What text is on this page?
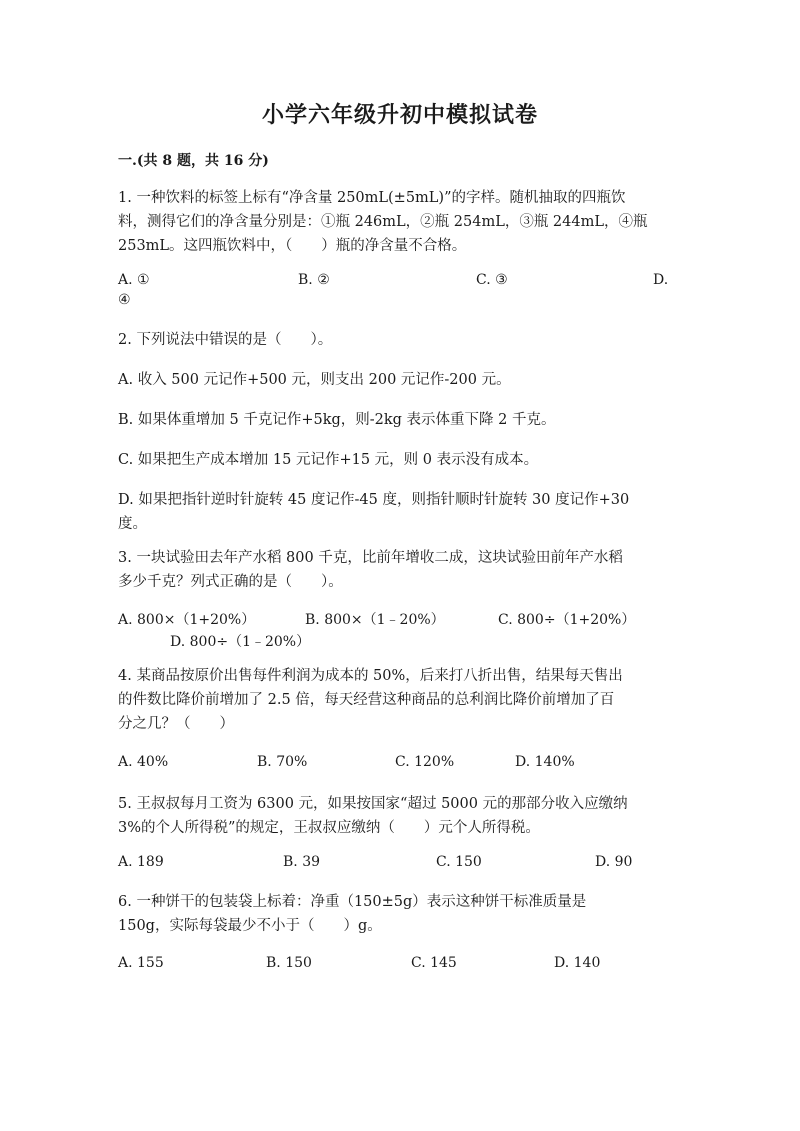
小学六年级升初中模拟试卷
一.(共 8 题，共 16 分)
1. 一种饮料的标签上标有“净含量 250mL(±5mL)”的字样。随机抽取的四瓶饮
料，测得它们的净含量分别是：①瓶 246mL，②瓶 254mL，③瓶 244mL，④瓶
253mL。这四瓶饮料中，（　　）瓶的净含量不合格。
A. ①	B. ②	C. ③	D.
④
2. 下列说法中错误的是（　　）。
A. 收入 500 元记作+500 元，则支出 200 元记作-200 元。
B. 如果体重增加 5 千克记作+5kg，则-2kg 表示体重下降 2 千克。
C. 如果把生产成本增加 15 元记作+15 元，则 0 表示没有成本。
D. 如果把指针逆时针旋转 45 度记作-45 度，则指针顺时针旋转 30 度记作+30
度。
3. 一块试验田去年产水稻 800 千克，比前年增收二成，这块试验田前年产水稻
多少千克？列式正确的是（　　）。
A. 800×（1+20%）	B. 800×（1﹣20%）	C. 800÷（1+20%）
D. 800÷（1﹣20%）
4. 某商品按原价出售每件利润为成本的 50%，后来打八折出售，结果每天售出
的件数比降价前增加了 2.5 倍，每天经营这种商品的总利润比降价前增加了百
分之几？（　　）
A. 40%	B. 70%	C. 120%	D. 140%
5. 王叔叔每月工资为 6300 元，如果按国家“超过 5000 元的那部分收入应缴纳
3%的个人所得税”的规定，王叔叔应缴纳（　　）元个人所得税。
A. 189	B. 39	C. 150	D. 90
6. 一种饼干的包装袋上标着：净重（150±5g）表示这种饼干标准质量是
150g，实际每袋最少不小于（　　）g。
A. 155	B. 150	C. 145	D. 140
